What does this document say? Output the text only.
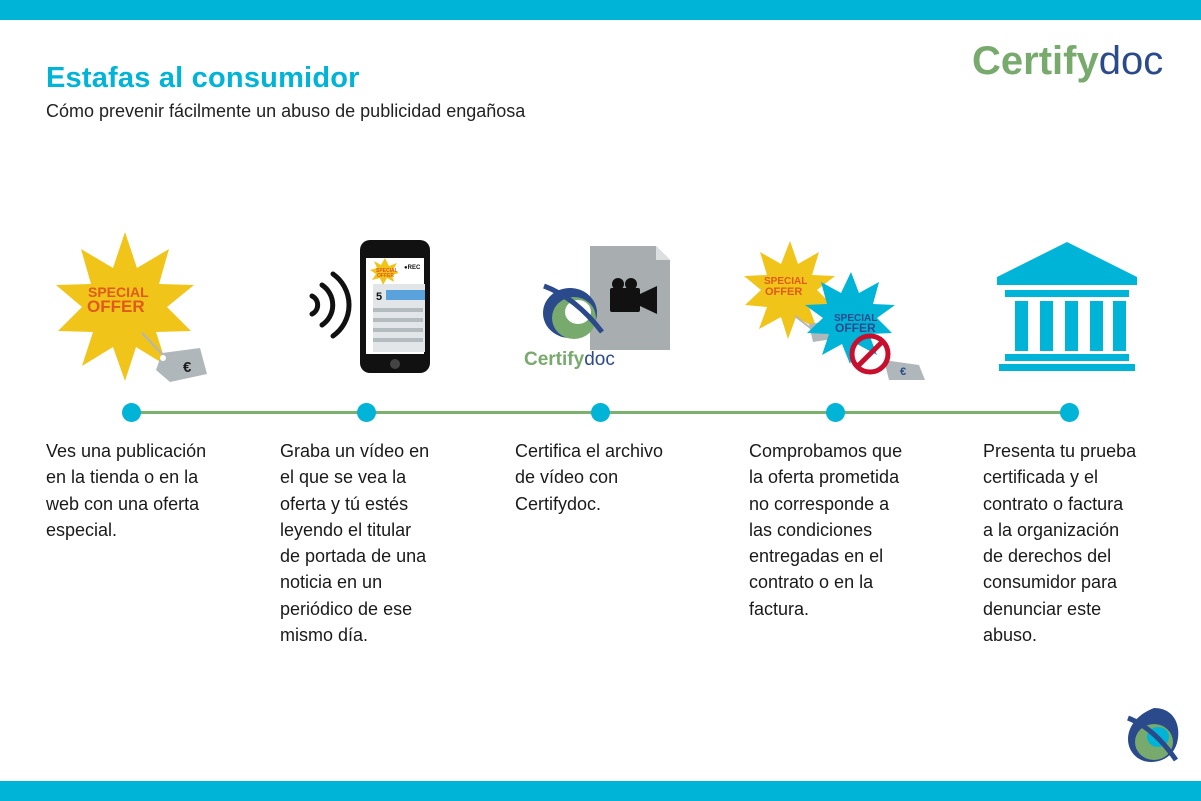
Estafas al consumidor

Cómo prevenir fácilmente un abuso de publicidad engañosa

Certifydoc
€
SPECIAL
OFFER	5
●REC
SPECIAL
OFFER
Certifydoc
SPECIAL
OFFER
SPECIAL
OFFER
€

Ves una publicación
en la tienda o en la
web con una oferta
especial.

Graba un vídeo en
el que se vea la
oferta y tú estés
leyendo el titular
de portada de una
noticia en un
periódico de ese
mismo día.

Certifica el archivo
de vídeo con
Certifydoc.

Comprobamos que
la oferta prometida
no corresponde a
las condiciones
entregadas en el
contrato o en la
factura.

Presenta tu prueba
certificada y el
contrato o factura
a la organización
de derechos del
consumidor para
denunciar este
abuso.
